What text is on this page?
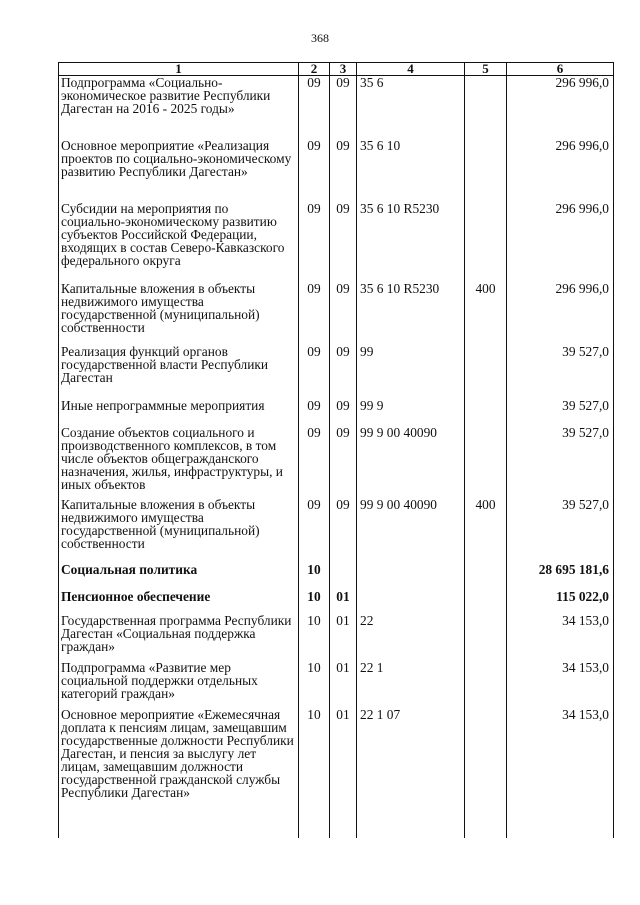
368
1	2	3	4	5	6
Подпрограмма «Социально-экономическое развитие Республики Дагестан на 2016 - 2025 годы»	09	09	35 6		296 996,0
Основное мероприятие «Реализация проектов по социально-экономическому развитию Республики Дагестан»	09	09	35 6 10		296 996,0
Субсидии на мероприятия по социально-экономическому развитию субъектов Российской Федерации, входящих в состав Северо-Кавказского федерального округа	09	09	35 6 10 R5230		296 996,0
Капитальные вложения в объекты недвижимого имущества государственной (муниципальной) собственности	09	09	35 6 10 R5230	400	296 996,0
Реализация функций органов государственной власти Республики Дагестан	09	09	99		39 527,0
Иные непрограммные мероприятия	09	09	99 9		39 527,0
Создание объектов социального и производственного комплексов, в том числе объектов общегражданского назначения, жилья, инфраструктуры, и иных объектов	09	09	99 9 00 40090		39 527,0
Капитальные вложения в объекты недвижимого имущества государственной (муниципальной) собственности	09	09	99 9 00 40090	400	39 527,0
Социальная политика	10				28 695 181,6
Пенсионное обеспечение	10	01			115 022,0
Государственная программа Республики Дагестан «Социальная поддержка граждан»	10	01	22		34 153,0
Подпрограмма «Развитие мер социальной поддержки отдельных категорий граждан»	10	01	22 1		34 153,0
Основное мероприятие «Ежемесячная доплата к пенсиям лицам, замещавшим государственные должности Республики Дагестан, и пенсия за выслугу лет лицам, замещавшим должности государственной гражданской службы Республики Дагестан»	10	01	22 1 07		34 153,0
